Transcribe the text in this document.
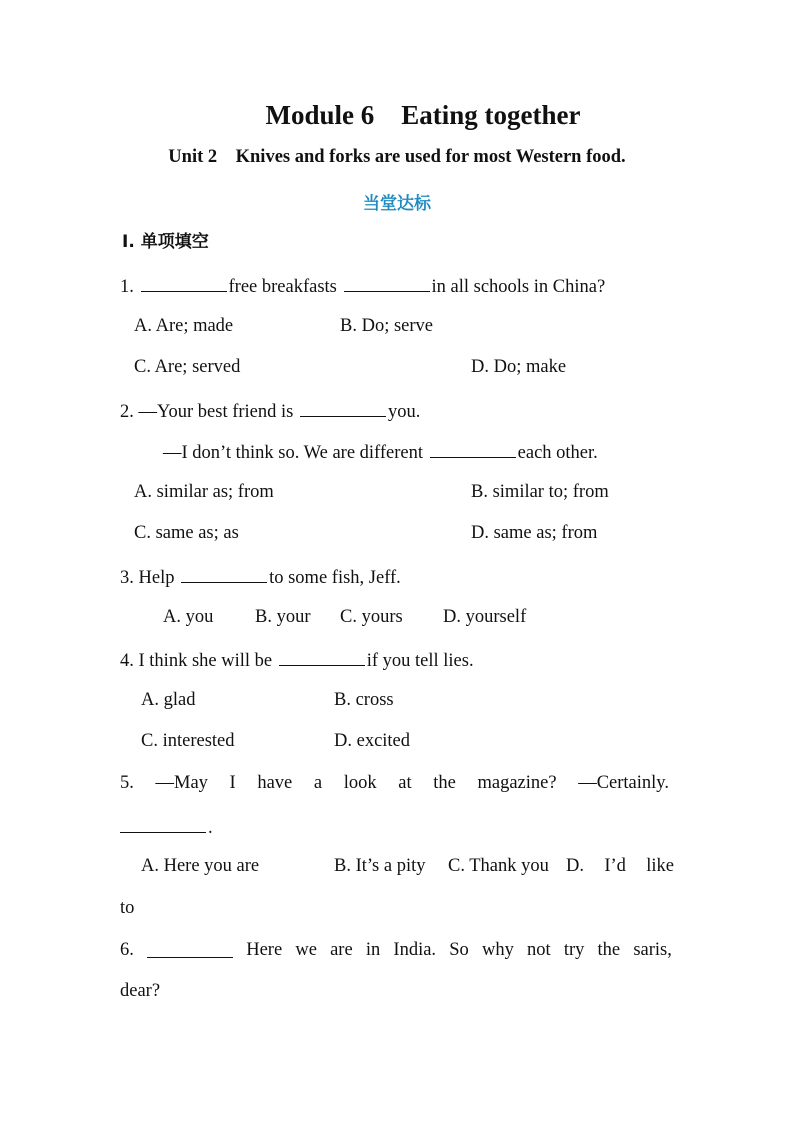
Module 6    Eating together
Unit 2    Knives and forks are used for most Western food.
当堂达标
Ⅰ. 单项填空
1.	free breakfasts	in all schools in China?
A. Are; made	B. Do; serve
C. Are; served	D. Do; make
2. —Your best friend is	you.
—I don’t think so. We are different	each other.
A. similar as; from	B. similar to; from
C. same as; as	D. same as; from
3. Help	to some fish, Jeff.
A. you B. your C. yours D. yourself
4. I think she will be	if you tell lies.
A. glad	B. cross
C. interested	D. excited
5. —May I have a look at the magazine? —Certainly.
.
A. Here you are	B. It’s a pity C. Thank you D. I’d like
to
6.	Here we are in India. So why not try the saris,
dear?
